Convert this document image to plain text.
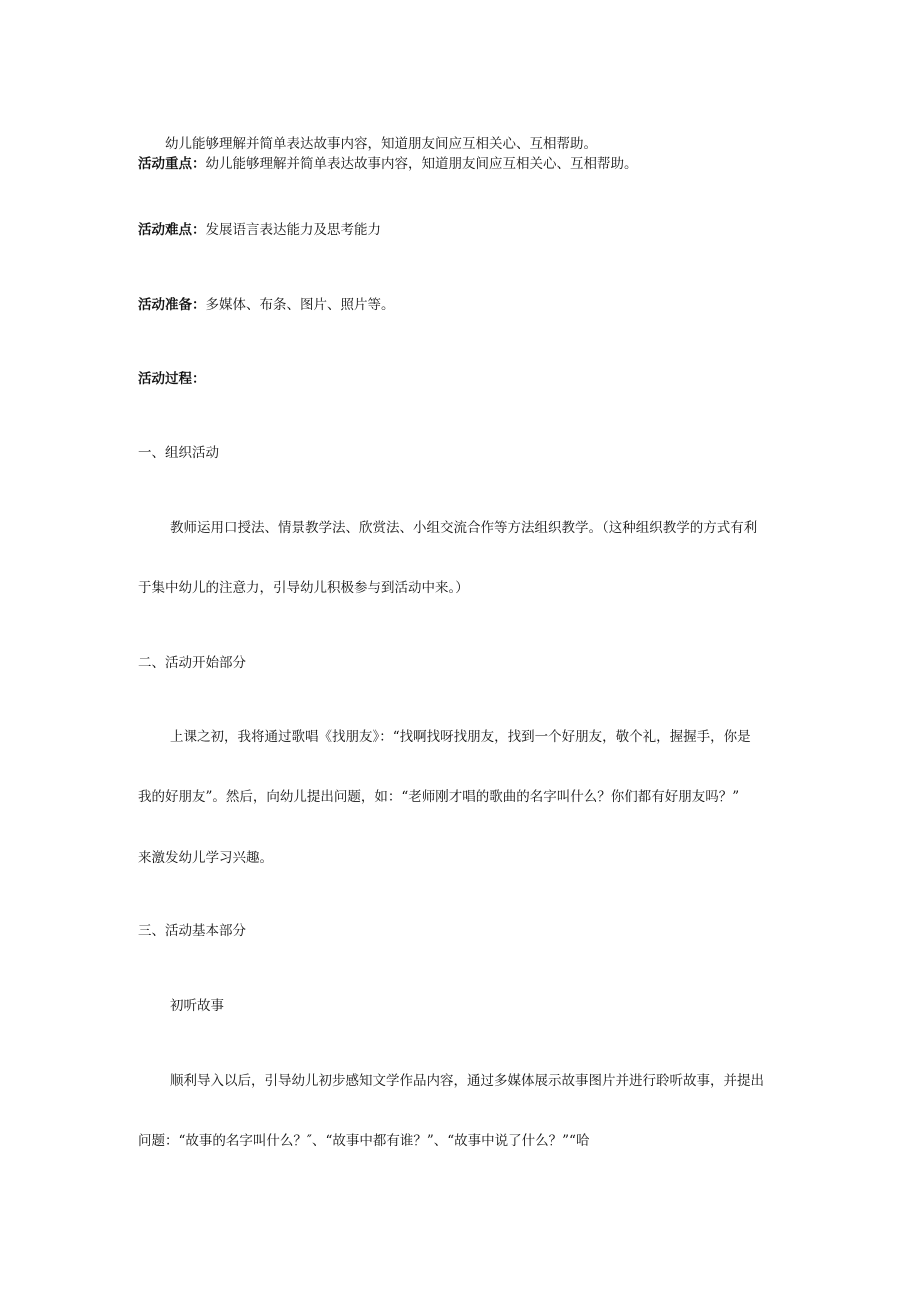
幼儿能够理解并简单表达故事内容，知道朋友间应互相关心、互相帮助。
活动重点：幼儿能够理解并简单表达故事内容，知道朋友间应互相关心、互相帮助。
活动难点：发展语言表达能力及思考能力
活动准备：多媒体、布条、图片、照片等。
活动过程：
一、组织活动
教师运用口授法、情景教学法、欣赏法、小组交流合作等方法组织教学。（这种组织教学的方式有利
于集中幼儿的注意力，引导幼儿积极参与到活动中来。）
二、活动开始部分
上课之初，我将通过歌唱《找朋友》：“找啊找呀找朋友，找到一个好朋友，敬个礼，握握手，你是
我的好朋友”。然后，向幼儿提出问题，如：“老师刚才唱的歌曲的名字叫什么？你们都有好朋友吗？”
来激发幼儿学习兴趣。
三、活动基本部分
初听故事
顺利导入以后，引导幼儿初步感知文学作品内容，通过多媒体展示故事图片并进行聆听故事，并提出
问题：“故事的名字叫什么？″、“故事中都有谁？”、“故事中说了什么？”“哈
